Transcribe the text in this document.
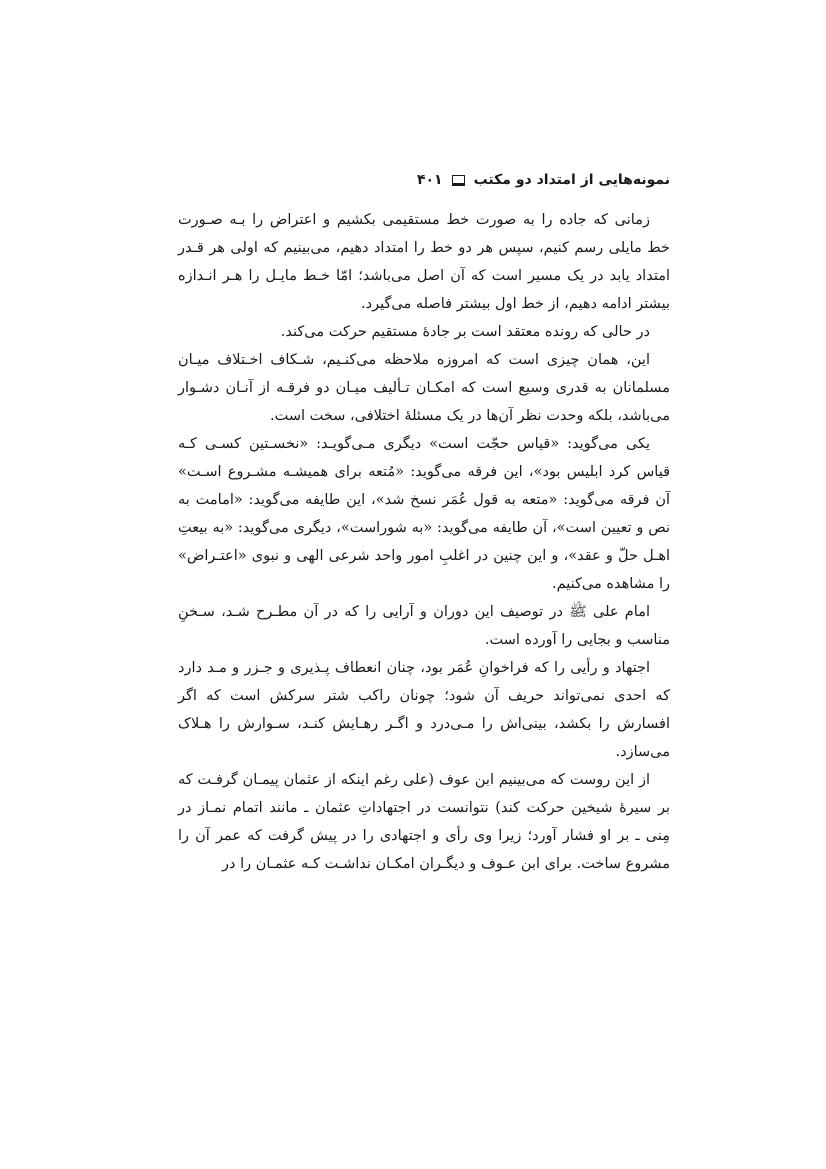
نمونه‌هایی از امتداد دو مکتب
۴۰۱

زمانی که جاده را به صورت خط مستقیمی بکشیم و اعتراض را بـه صـورت خط مایلی رسم کنیم، سپس هر دو خط را امتداد دهیم، می‌بینیم که اولی هر قـدر امتداد یابد در یک مسیر است که آن اصل می‌باشد؛ امّا خـط مایـل را هـر انـدازه بیشتر ادامه دهیم، از خط اول بیشتر فاصله می‌گیرد.

در حالی که رونده معتقد است بر جادهٔ مستقیم حرکت می‌کند.

این، همان چیزی است که امروزه ملاحظه می‌کنـیم، شـکاف اخـتلاف میـان مسلمانان به قدری وسیع است که امکـان تـألیف میـان دو فرقـه از آنـان دشـوار می‌باشد، بلکه وحدت نظر آن‌ها در یک مسئلهٔ اختلافی، سخت است.

یکی می‌گوید: «قیاس حجّت است» دیگری مـی‌گویـد: «نخسـتین کسـی کـه قیاس کرد ابلیس بود»، این فرقه می‌گوید: «مُتعه برای همیشـه مشـروع اسـت» آن فرقه می‌گوید: «متعه به قول عُمَر نسخ شد»، این طایفه می‌گوید: «امامت به نص و تعیین است»، آن طایفه می‌گوید: «به شوراست»، دیگری می‌گوید: «به بیعتِ اهـل حلّ و عقد»، و این چنین در اغلبِ امور واحد شرعی الهی و نبوی «اعتـراض» را مشاهده می‌کنیم.

امام علی ﷺ در توصیف این دوران و آرایی را که در آن مطـرح شـد، سـخنِ مناسب و بجایی را آورده است.

اجتهاد و رأیی را که فراخوانِ عُمَر بود، چنان انعطاف پـذیری و جـزر و مـد دارد که احدی نمی‌تواند حریف آن شود؛ چونان راکب شتر سرکش است که اگر افسارش را بکشد، بینی‌اش را مـی‌درد و اگـر رهـایش کنـد، سـوارش را هـلاک می‌سازد.

از این روست که می‌بینیم ابن عوف (علی رغم اینکه از عثمان پیمـان گرفـت که بر سیرهٔ شیخین حرکت کند) نتوانست در اجتهاداتِ عثمان ـ مانند اتمام نمـاز در مِنی ـ بر او فشار آورد؛ زیرا وی رأی و اجتهادی را در پیش گرفت که عمر آن را مشروع ساخت. برای ابن عـوف و دیگـران امکـان نداشـت کـه عثمـان را در
